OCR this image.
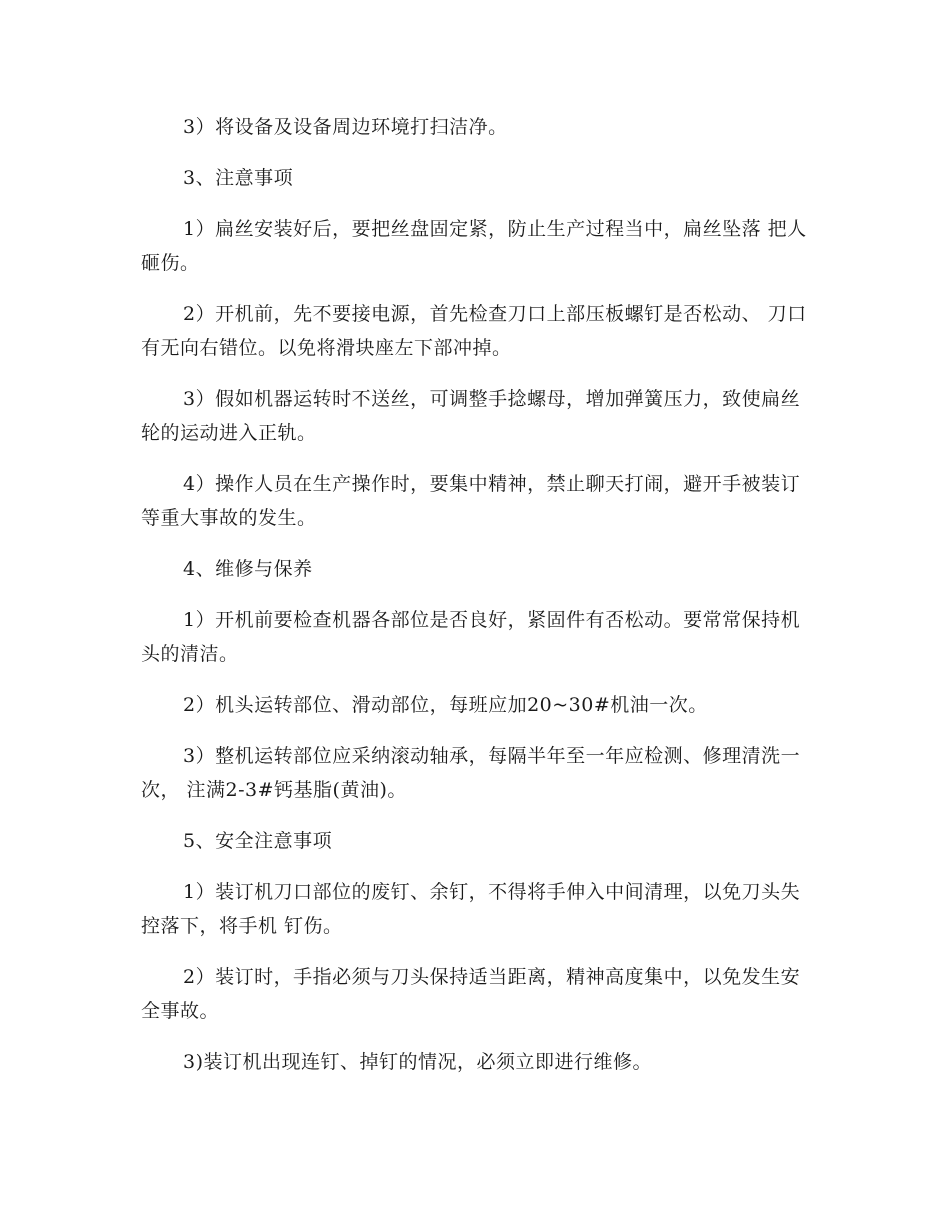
3）将设备及设备周边环境打扫洁净。

3、注意事项

1）扁丝安装好后，要把丝盘固定紧，防止生产过程当中，扁丝坠落 把人砸伤。

2）开机前，先不要接电源，首先检查刀口上部压板螺钉是否松动、 刀口有无向右错位。以免将滑块座左下部冲掉。

3）假如机器运转时不送丝，可调整手捻螺母，增加弹簧压力，致使扁丝轮的运动进入正轨。

4）操作人员在生产操作时，要集中精神，禁止聊天打闹，避开手被装订等重大事故的发生。

4、维修与保养

1）开机前要检查机器各部位是否良好，紧固件有否松动。要常常保持机头的清洁。

2）机头运转部位、滑动部位，每班应加20~30#机油一次。

3）整机运转部位应采纳滚动轴承，每隔半年至一年应检测、修理清洗一次， 注满2-3#钙基脂(黄油)。

5、安全注意事项

1）装订机刀口部位的废钉、余钉，不得将手伸入中间清理，以免刀头失控落下，将手机 钉伤。

2）装订时，手指必须与刀头保持适当距离，精神高度集中，以免发生安全事故。

3)装订机出现连钉、掉钉的情况，必须立即进行维修。
